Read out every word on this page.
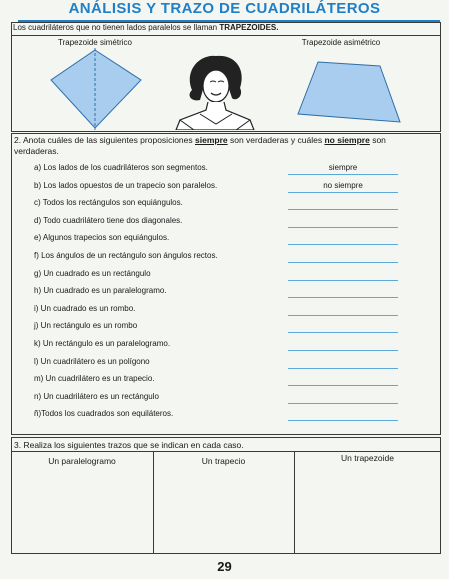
ANÁLISIS Y TRAZO DE CUADRILÁTEROS
Los cuadriláteros que no tienen lados paralelos se llaman TRAPEZOIDES.
Trapezoide simétrico	Trapezoide asimétrico
2. Anota cuáles de las siguientes proposiciones siempre son verdaderas y cuáles no siempre son
verdaderas.
a) Los lados de los cuadriláteros son segmentos.	siempre
b) Los lados opuestos de un trapecio son paralelos.	no siempre
c) Todos los rectángulos son equiángulos.
d) Todo cuadrilátero tiene dos diagonales.
e) Algunos trapecios son equiángulos.
f) Los ángulos de un rectángulo son ángulos rectos.
g) Un cuadrado es un rectángulo
h) Un cuadrado es un paralelogramo.
i) Un cuadrado es un rombo.
j) Un rectángulo es un rombo
k) Un rectángulo es un paralelogramo.
l) Un cuadrilátero es un polígono
m) Un cuadrilátero es un trapecio.
n) Un cuadrilátero es un rectángulo
ñ)Todos los cuadrados son equiláteros.
3. Realiza los siguientes trazos que se indican en cada caso.
Un paralelogramo	Un trapecio	Un trapezoide
29
